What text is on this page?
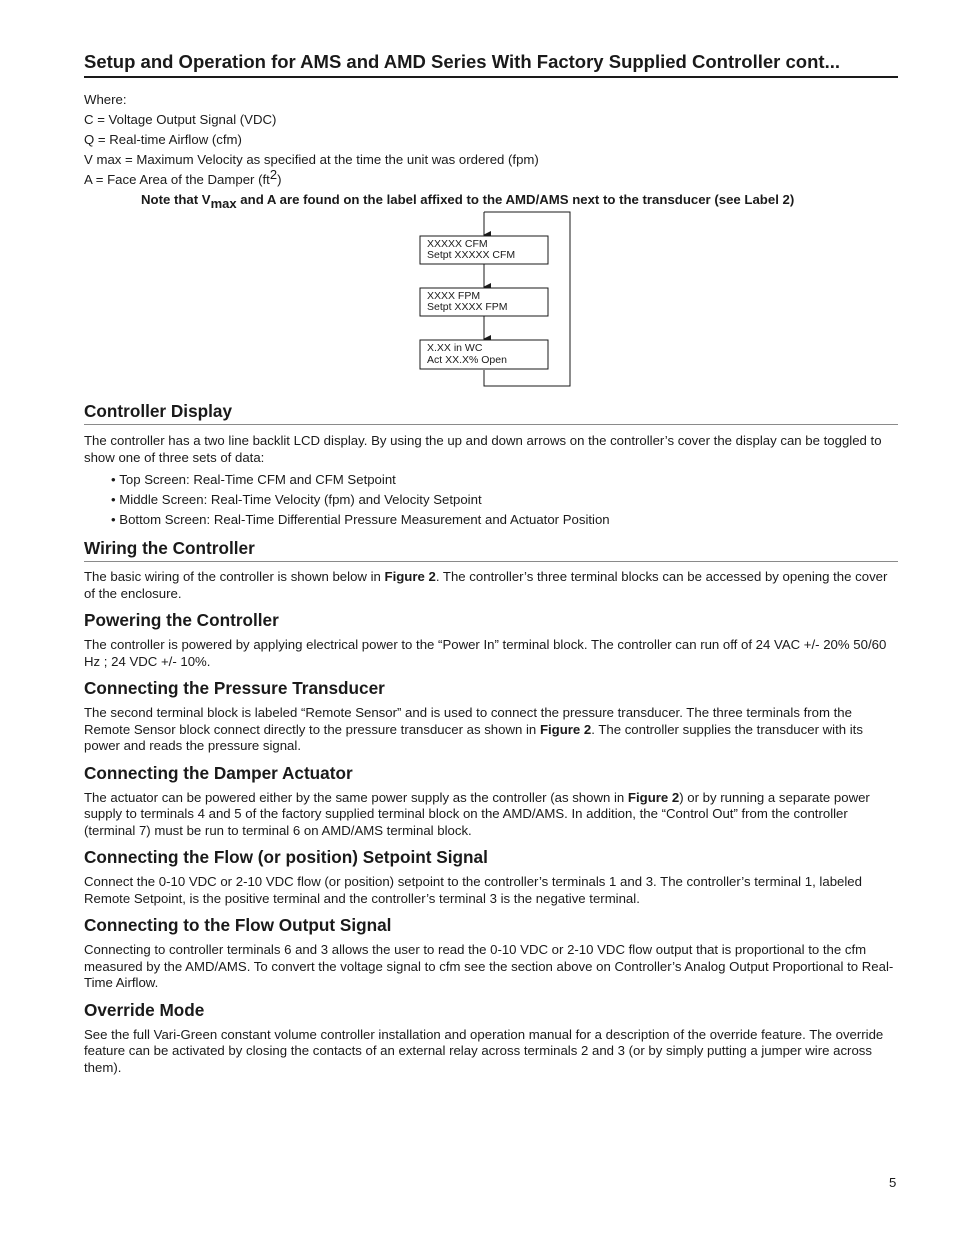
Setup and Operation for AMS and AMD Series With Factory Supplied Controller cont...
Where:
C = Voltage Output Signal (VDC)
Q = Real-time Airflow (cfm)
V max = Maximum Velocity as specified at the time the unit was ordered (fpm)
A = Face Area of the Damper $(ft^2)$
Note that $V_{max}$ and A are found on the label affixed to the AMD/AMS next to the transducer (see Label 2)
XXXXX CFM
Setpt XXXXX CFM
XXXX FPM
Setpt XXXX FPM
X.XX in WC
Act XX.X% Open
Controller Display

The controller has a two line backlit LCD display. By using the up and down arrows on the controller’s cover the display can be toggled to show one of three sets of data:

• Top Screen: Real-Time CFM and CFM Setpoint
• Middle Screen: Real-Time Velocity (fpm) and Velocity Setpoint
• Bottom Screen: Real-Time Differential Pressure Measurement and Actuator Position
Wiring the Controller

The basic wiring of the controller is shown below in Figure 2. The controller’s three terminal blocks can be accessed by opening the cover of the enclosure.

Powering the Controller

The controller is powered by applying electrical power to the “Power In” terminal block. The controller can run off of 24 VAC +/- 20% 50/60 Hz ; 24 VDC +/- 10%.

Connecting the Pressure Transducer

The second terminal block is labeled “Remote Sensor” and is used to connect the pressure transducer. The three terminals from the Remote Sensor block connect directly to the pressure transducer as shown in Figure 2. The controller supplies the transducer with its power and reads the pressure signal.

Connecting the Damper Actuator

The actuator can be powered either by the same power supply as the controller (as shown in Figure 2) or by running a separate power supply to terminals 4 and 5 of the factory supplied terminal block on the AMD/AMS. In addition, the “Control Out” from the controller (terminal 7) must be run to terminal 6 on AMD/AMS terminal block.

Connecting the Flow (or position) Setpoint Signal

Connect the 0-10 VDC or 2-10 VDC flow (or position) setpoint to the controller’s terminals 1 and 3. The controller’s terminal 1, labeled Remote Setpoint, is the positive terminal and the controller’s terminal 3 is the negative terminal.

Connecting to the Flow Output Signal

Connecting to controller terminals 6 and 3 allows the user to read the 0-10 VDC or 2-10 VDC flow output that is proportional to the cfm measured by the AMD/AMS. To convert the voltage signal to cfm see the section above on Controller’s Analog Output Proportional to Real-Time Airflow.

Override Mode

See the full Vari-Green constant volume controller installation and operation manual for a description of the override feature. The override feature can be activated by closing the contacts of an external relay across terminals 2 and 3 (or by simply putting a jumper wire across them).

5
